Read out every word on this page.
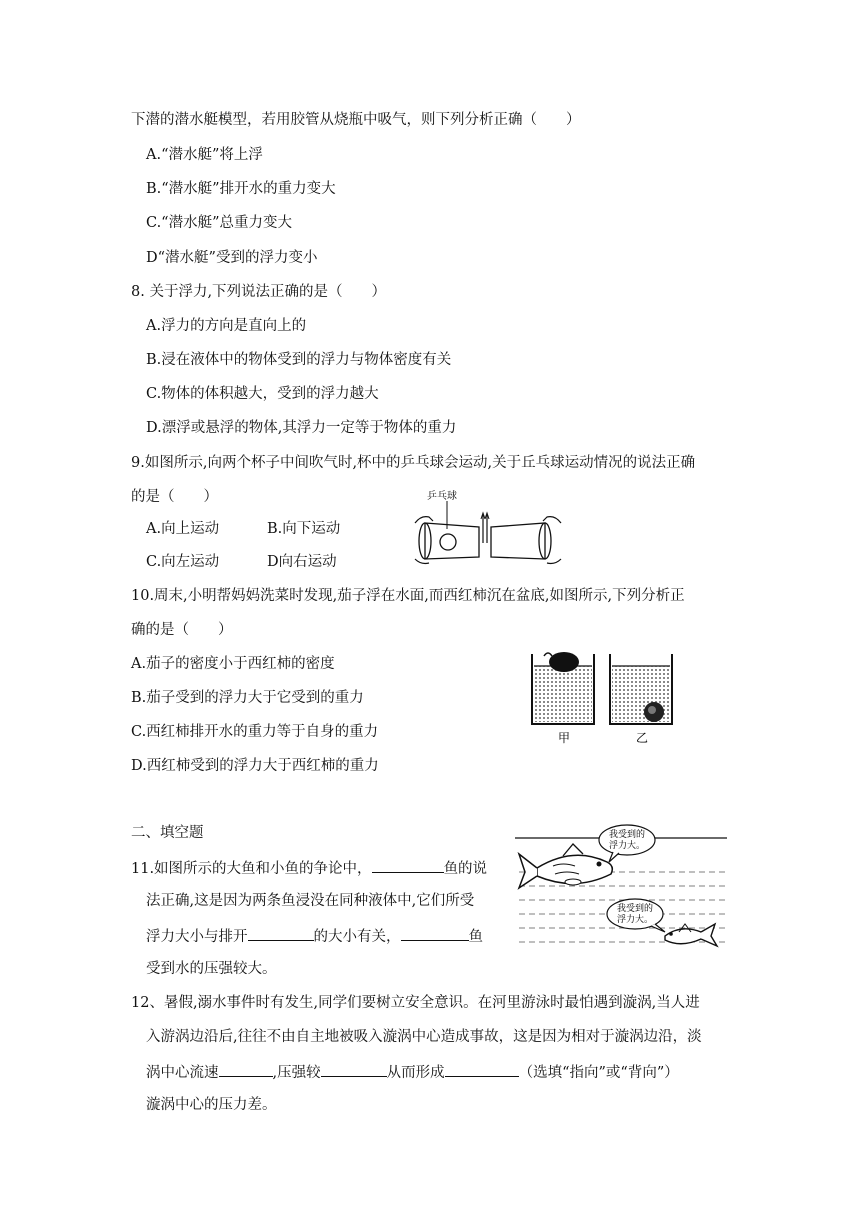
下潜的潜水艇模型，若用胶管从烧瓶中吸气，则下列分析正确（　　）
A.“潜水艇”将上浮
B.“潜水艇”排开水的重力变大
C.“潜水艇”总重力变大
D“潜水艇”受到的浮力变小
8. 关于浮力,下列说法正确的是（　　）
A.浮力的方向是直向上的
B.浸在液体中的物体受到的浮力与物体密度有关
C.物体的体积越大，受到的浮力越大
D.漂浮或悬浮的物体,其浮力一定等于物体的重力
9.如图所示,向两个杯子中间吹气时,杯中的乒乓球会运动,关于丘乓球运动情况的说法正确
的是（　　）
A.向上运动	B.向下运动
C.向左运动	D向右运动
乒乓球
10.周末,小明帮妈妈洗菜时发现,茄子浮在水面,而西红柿沉在盆底,如图所示,下列分析正
确的是（　　）
A.茄子的密度小于西红柿的密度
B.茄子受到的浮力大于它受到的重力
C.西红柿排开水的重力等于自身的重力
D.西红柿受到的浮力大于西红柿的重力
甲	乙
二、填空题
11.如图所示的大鱼和小鱼的争论中，	鱼的说
法正确,这是因为两条鱼浸没在同种液体中,它们所受
浮力大小与排开	的大小有关，	鱼
受到水的压强较大。
我受到的
浮力大。
我受到的
浮力大。
12、暑假,溺水事件时有发生,同学们要树立安全意识。在河里游泳时最怕遇到漩涡,当人进
入游涡边沿后,往往不由自主地被吸入漩涡中心造成事故，这是因为相对于漩涡边沿，淡
涡中心流速	,压强较	从而形成	（选填“指向”或“背向”）
漩涡中心的压力差。
